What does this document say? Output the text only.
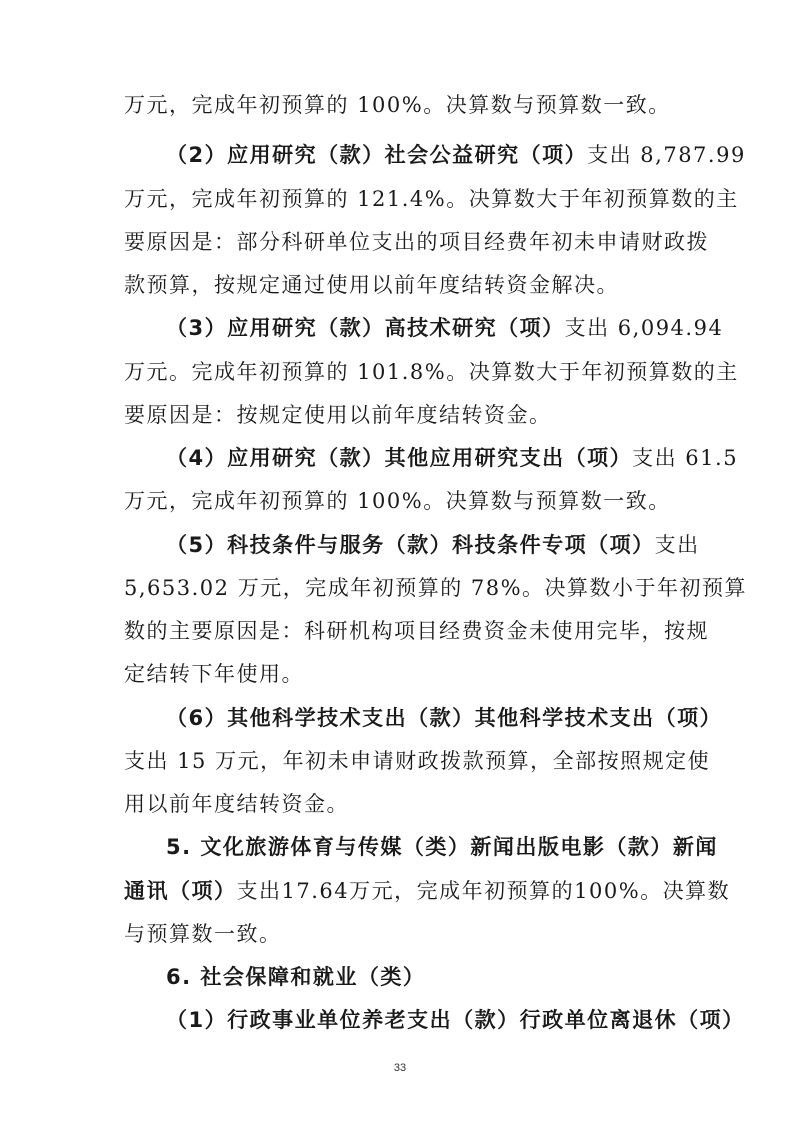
万元，完成年初预算的 100%。决算数与预算数一致。
（2）应用研究（款）社会公益研究（项）支出 8,787.99
万元，完成年初预算的 121.4%。决算数大于年初预算数的主
要原因是：部分科研单位支出的项目经费年初未申请财政拨
款预算，按规定通过使用以前年度结转资金解决。
（3）应用研究（款）高技术研究（项）支出 6,094.94
万元。完成年初预算的 101.8%。决算数大于年初预算数的主
要原因是：按规定使用以前年度结转资金。
（4）应用研究（款）其他应用研究支出（项）支出 61.5
万元，完成年初预算的 100%。决算数与预算数一致。
（5）科技条件与服务（款）科技条件专项（项）支出
5,653.02 万元，完成年初预算的 78%。决算数小于年初预算
数的主要原因是：科研机构项目经费资金未使用完毕，按规
定结转下年使用。
（6）其他科学技术支出（款）其他科学技术支出（项）
支出 15 万元，年初未申请财政拨款预算，全部按照规定使
用以前年度结转资金。
5. 文化旅游体育与传媒（类）新闻出版电影（款）新闻
通讯（项）支出17.64万元，完成年初预算的100%。决算数
与预算数一致。
6. 社会保障和就业（类）
（1）行政事业单位养老支出（款）行政单位离退休（项）
33
